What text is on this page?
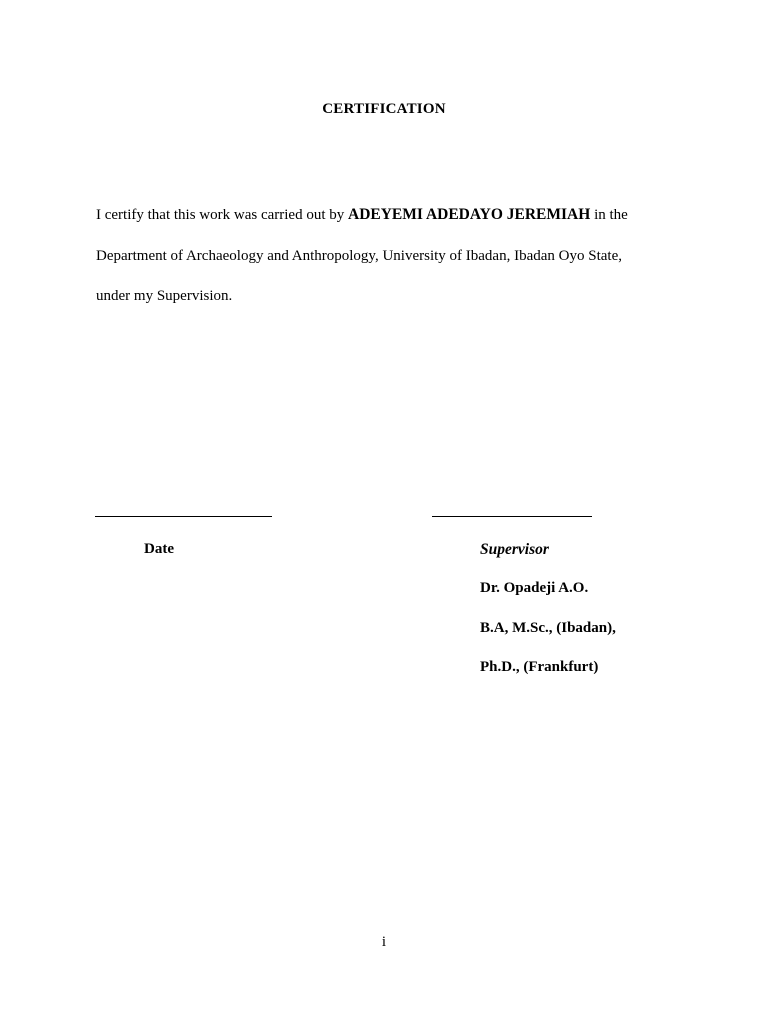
CERTIFICATION
I certify that this work was carried out by ADEYEMI ADEDAYO JEREMIAH in the
Department of Archaeology and Anthropology, University of Ibadan, Ibadan Oyo State,
under my Supervision.
Date	Supervisor
Dr. Opadeji A.O.
B.A, M.Sc., (Ibadan),
Ph.D., (Frankfurt)
i
